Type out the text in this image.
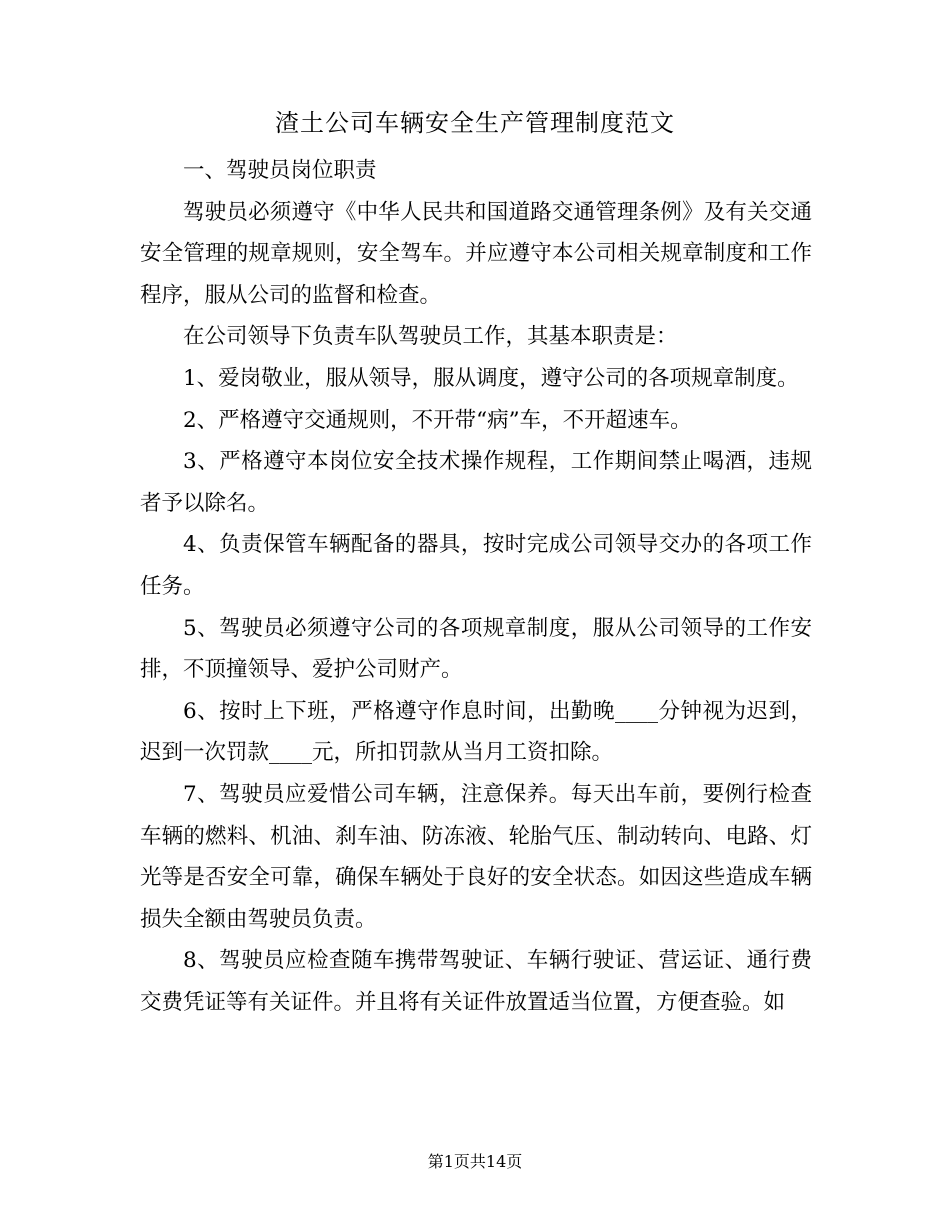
渣土公司车辆安全生产管理制度范文

一、驾驶员岗位职责

驾驶员必须遵守《中华人民共和国道路交通管理条例》及有关交通安全管理的规章规则，安全驾车。并应遵守本公司相关规章制度和工作程序，服从公司的监督和检查。

在公司领导下负责车队驾驶员工作，其基本职责是：

1、爱岗敬业，服从领导，服从调度，遵守公司的各项规章制度。

2、严格遵守交通规则，不开带“病”车，不开超速车。

3、严格遵守本岗位安全技术操作规程，工作期间禁止喝酒，违规者予以除名。

4、负责保管车辆配备的器具，按时完成公司领导交办的各项工作任务。

5、驾驶员必须遵守公司的各项规章制度，服从公司领导的工作安排，不顶撞领导、爱护公司财产。

6、按时上下班，严格遵守作息时间，出勤晚____分钟视为迟到，迟到一次罚款____元，所扣罚款从当月工资扣除。

7、驾驶员应爱惜公司车辆，注意保养。每天出车前，要例行检查车辆的燃料、机油、刹车油、防冻液、轮胎气压、制动转向、电路、灯光等是否安全可靠，确保车辆处于良好的安全状态。如因这些造成车辆损失全额由驾驶员负责。

8、驾驶员应检查随车携带驾驶证、车辆行驶证、营运证、通行费交费凭证等有关证件。并且将有关证件放置适当位置，方便查验。如

第1页共14页
